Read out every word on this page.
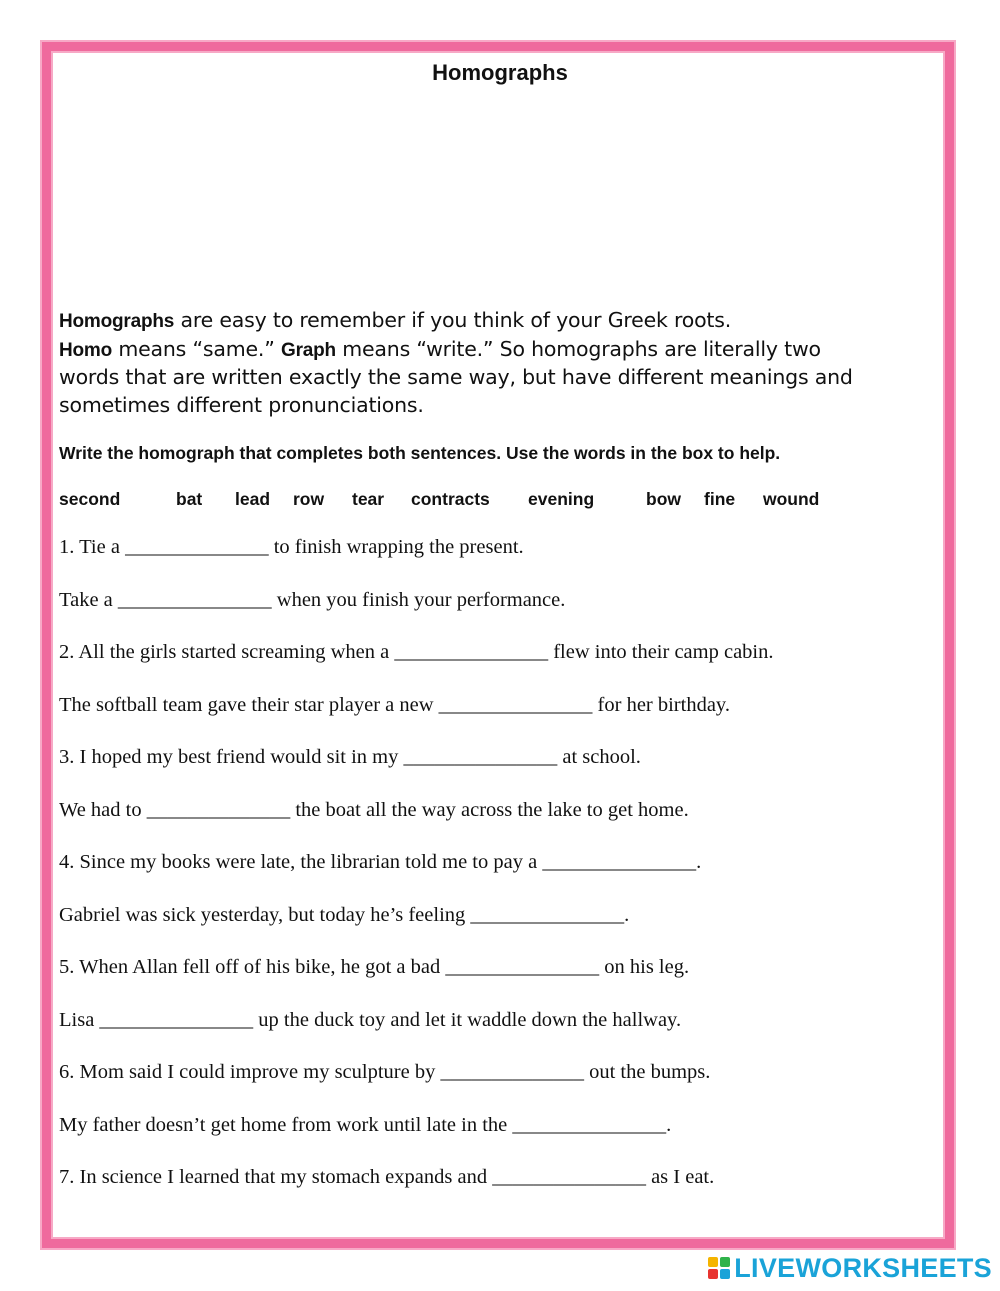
Homographs
Homographs are easy to remember if you think of your Greek roots.
Homo means “same.” Graph means “write.” So homographs are literally two
words that are written exactly the same way, but have different meanings and
sometimes different pronunciations.
Write the homograph that completes both sentences. Use the words in the box to help.
second	bat lead row tear contracts evening	bow fine wound
1. Tie a ______________ to finish wrapping the present.
Take a _______________ when you finish your performance.
2. All the girls started screaming when a _______________ flew into their camp cabin.
The softball team gave their star player a new _______________ for her birthday.
3. I hoped my best friend would sit in my _______________ at school.
We had to ______________ the boat all the way across the lake to get home.
4. Since my books were late, the librarian told me to pay a _______________.
Gabriel was sick yesterday, but today he’s feeling _______________.
5. When Allan fell off of his bike, he got a bad _______________ on his leg.
Lisa _______________ up the duck toy and let it waddle down the hallway.
6. Mom said I could improve my sculpture by ______________ out the bumps.
My father doesn’t get home from work until late in the _______________.
7. In science I learned that my stomach expands and _______________ as I eat.
LIVEWORKSHEETS
